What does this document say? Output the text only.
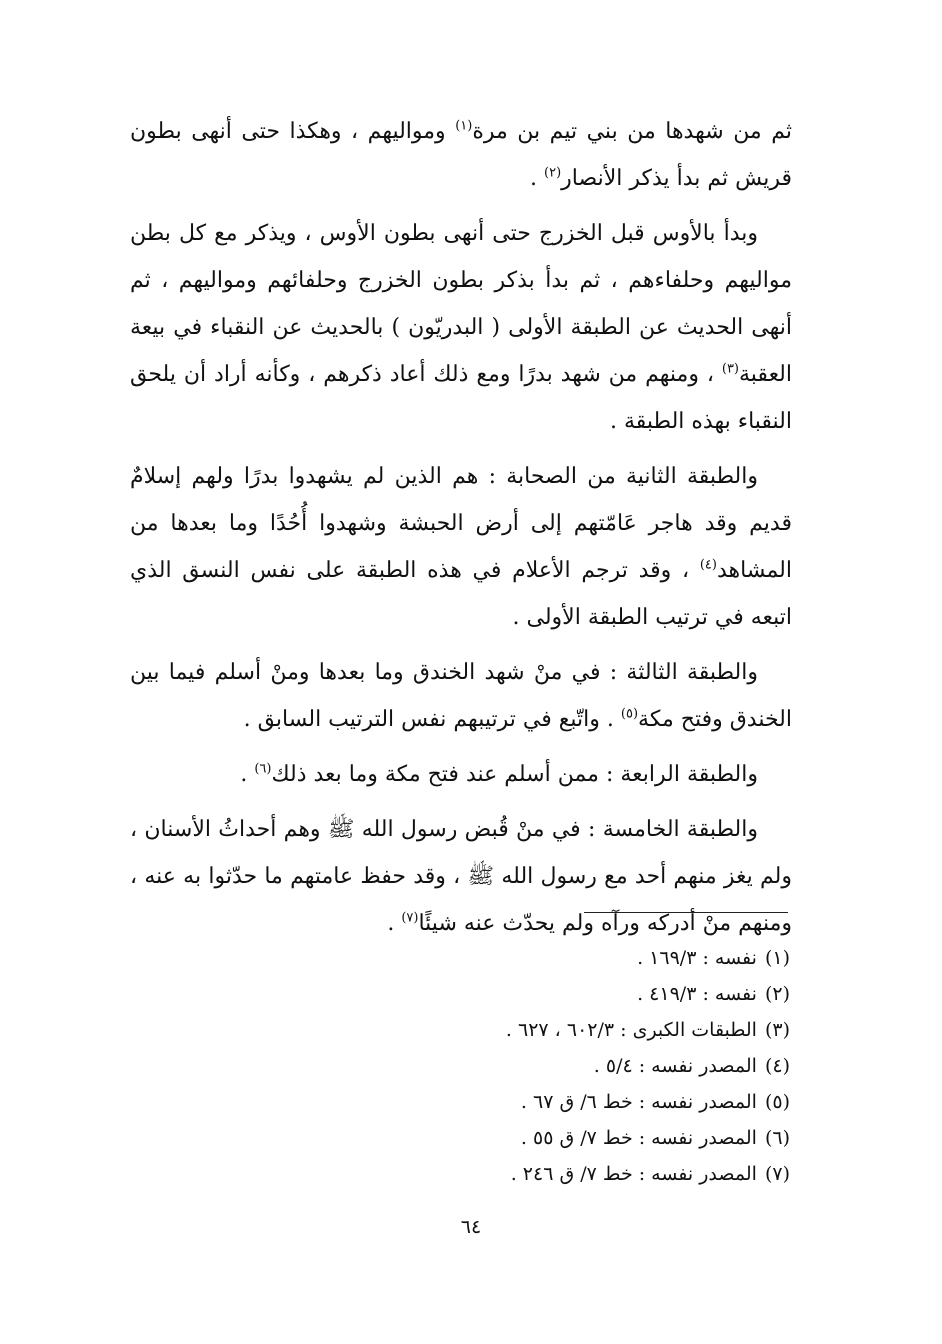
ثم من شهدها من بني تيم بن مرة$^{(١)}$ ومواليهم ، وهكذا حتى أنهى بطون قريش ثم بدأ يذكر الأنصار$^{(٢)}$ .

وبدأ بالأوس قبل الخزرج حتى أنهى بطون الأوس ، ويذكر مع كل بطن مواليهم وحلفاءهم ، ثم بدأ بذكر بطون الخزرج وحلفائهم ومواليهم ، ثم أنهى الحديث عن الطبقة الأولى ( البدريّون ) بالحديث عن النقباء في بيعة العقبة$^{(٣)}$ ، ومنهم من شهد بدرًا ومع ذلك أعاد ذكرهم ، وكأنه أراد أن يلحق النقباء بهذه الطبقة .

والطبقة الثانية من الصحابة : هم الذين لم يشهدوا بدرًا ولهم إسلامٌ قديم وقد هاجر عَامّتهم إلى أرض الحبشة وشهدوا أُحُدًا وما بعدها من المشاهد$^{(٤)}$ ، وقد ترجم الأعلام في هذه الطبقة على نفس النسق الذي اتبعه في ترتيب الطبقة الأولى .

والطبقة الثالثة : في منْ شهد الخندق وما بعدها ومنْ أسلم فيما بين الخندق وفتح مكة$^{(٥)}$ . واتّبع في ترتيبهم نفس الترتيب السابق .

والطبقة الرابعة : ممن أسلم عند فتح مكة وما بعد ذلك$^{(٦)}$ .

والطبقة الخامسة : في منْ قُبض رسول الله ﷺ وهم أحداثُ الأسنان ، ولم يغز منهم أحد مع رسول الله ﷺ ، وقد حفظ عامتهم ما حدّثوا به عنه ، ومنهم منْ أدركه ورآه ولم يحدّث عنه شيئًا$^{(٧)}$ .

(١)نفسه : ١٦٩/٣ .
(٢)نفسه : ٤١٩/٣ .
(٣)الطبقات الكبرى : ٦٠٢/٣ ، ٦٢٧ .
(٤)المصدر نفسه : ٥/٤ .
(٥)المصدر نفسه : خط ٦/ ق ٦٧ .
(٦)المصدر نفسه : خط ٧/ ق ٥٥ .
(٧)المصدر نفسه : خط ٧/ ق ٢٤٦ .
٦٤
